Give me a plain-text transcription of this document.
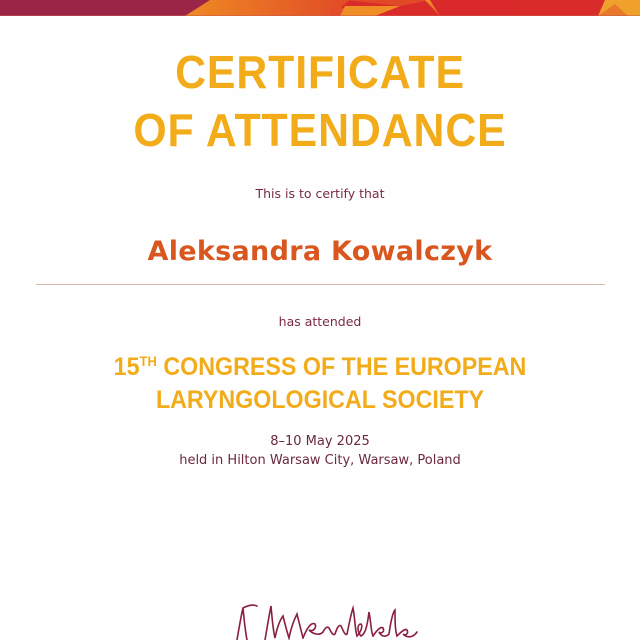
CERTIFICATE
OF ATTENDANCE
This is to certify that
Aleksandra Kowalczyk
has attended
15TH CONGRESS OF THE EUROPEAN
LARYNGOLOGICAL SOCIETY
8–10 May 2025
held in Hilton Warsaw City, Warsaw, Poland
